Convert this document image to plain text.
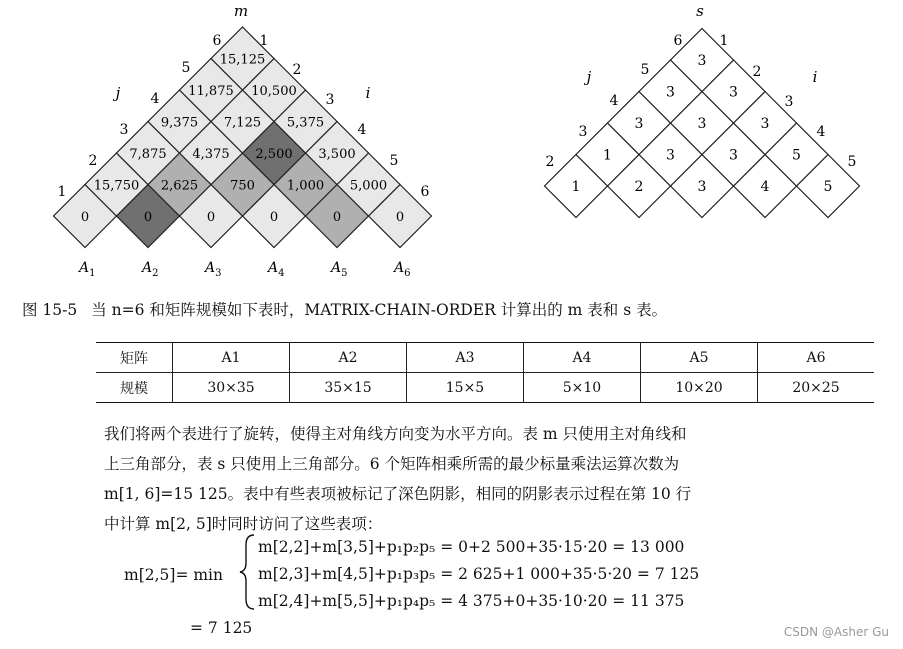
0	0	0	0	0	0
15,750 2,625 750 1,000 5,000
7,875 4,375 2,500 3,500
9,375 7,125 5,375
11,875 10,500
15,125
m
j	i
1
2
3
4
5
6	1
2
3
4
5
6
$A_1$	$A_2$	$A_3$	$A_4$	$A_5$	$A_6$
1	2	3	4	5
1	3	3	5
3	3	3
3	3
3
s
j	i
2
3
4
5
6	1
2
3
4
5
图 15-5 当 n=6 和矩阵规模如下表时，MATRIX-CHAIN-ORDER 计算出的 m 表和 s 表。
矩阵	A1	A2	A3	A4	A5	A6
规模	30×35	35×15	15×5	5×10	10×20	20×25
我们将两个表进行了旋转，使得主对角线方向变为水平方向。表 m 只使用主对角线和
上三角部分，表 s 只使用上三角部分。6 个矩阵相乘所需的最少标量乘法运算次数为
m[1, 6]=15 125。表中有些表项被标记了深色阴影，相同的阴影表示过程在第 10 行
中计算 m[2, 5]时同时访问了这些表项：
m[2,5]= min
m[2,2]+m[3,5]+p₁p₂p₅ = 0+2 500+35·15·20 = 13 000
m[2,3]+m[4,5]+p₁p₃p₅ = 2 625+1 000+35·5·20 = 7 125
m[2,4]+m[5,5]+p₁p₄p₅ = 4 375+0+35·10·20 = 11 375
= 7 125	CSDN @Asher Gu
